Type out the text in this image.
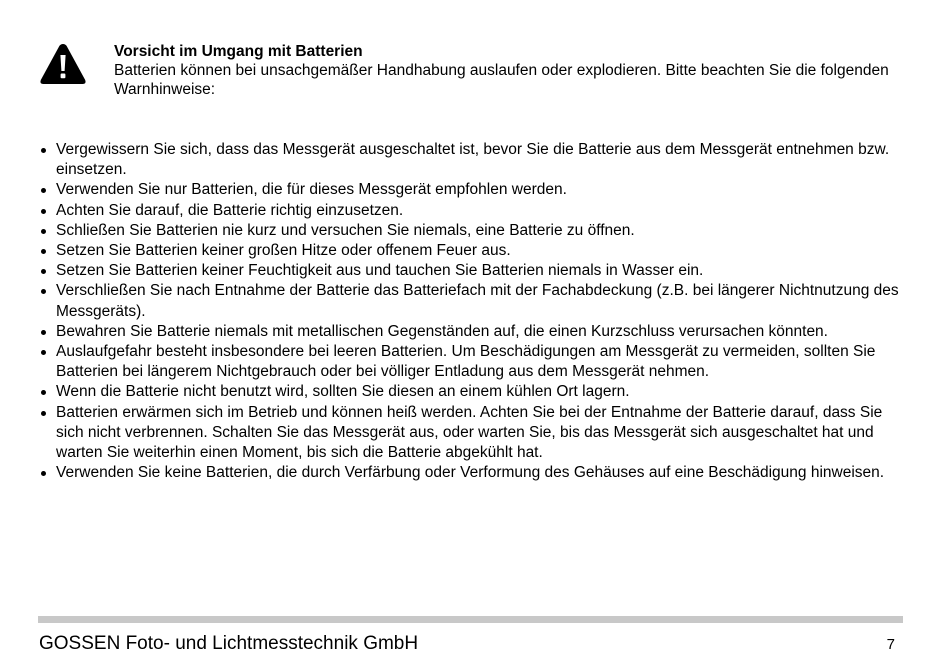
Vorsicht im Umgang mit Batterien
Batterien können bei unsachgemäßer Handhabung auslaufen oder explodieren. Bitte beachten Sie die folgenden Warnhinweise:
Vergewissern Sie sich, dass das Messgerät ausgeschaltet ist, bevor Sie die Batterie aus dem Messgerät entnehmen bzw. einsetzen.
Verwenden Sie nur Batterien, die für dieses Messgerät empfohlen werden.
Achten Sie darauf, die Batterie richtig einzusetzen.
Schließen Sie Batterien nie kurz und versuchen Sie niemals, eine Batterie zu öffnen.
Setzen Sie Batterien keiner großen Hitze oder offenem Feuer aus.
Setzen Sie Batterien keiner Feuchtigkeit aus und tauchen Sie Batterien niemals in Wasser ein.
Verschließen Sie nach Entnahme der Batterie das Batteriefach mit der Fachabdeckung (z.B. bei längerer Nichtnutzung des Messgeräts).
Bewahren Sie Batterie niemals mit metallischen Gegenständen auf, die einen Kurzschluss verursachen könnten.
Auslaufgefahr besteht insbesondere bei leeren Batterien. Um Beschädigungen am Messgerät zu vermeiden, sollten Sie Batterien bei längerem Nichtgebrauch oder bei völliger Entladung aus dem Messgerät nehmen.
Wenn die Batterie nicht benutzt wird, sollten Sie diesen an einem kühlen Ort lagern.
Batterien erwärmen sich im Betrieb und können heiß werden. Achten Sie bei der Entnahme der Batterie darauf, dass Sie sich nicht verbrennen. Schalten Sie das Messgerät aus, oder warten Sie, bis das Messgerät sich ausgeschaltet hat und warten Sie weiterhin einen Moment, bis sich die Batterie abgekühlt hat.
Verwenden Sie keine Batterien, die durch Verfärbung oder Verformung des Gehäuses auf eine Beschädigung hinweisen.
GOSSEN Foto- und Lichtmesstechnik GmbH	7
